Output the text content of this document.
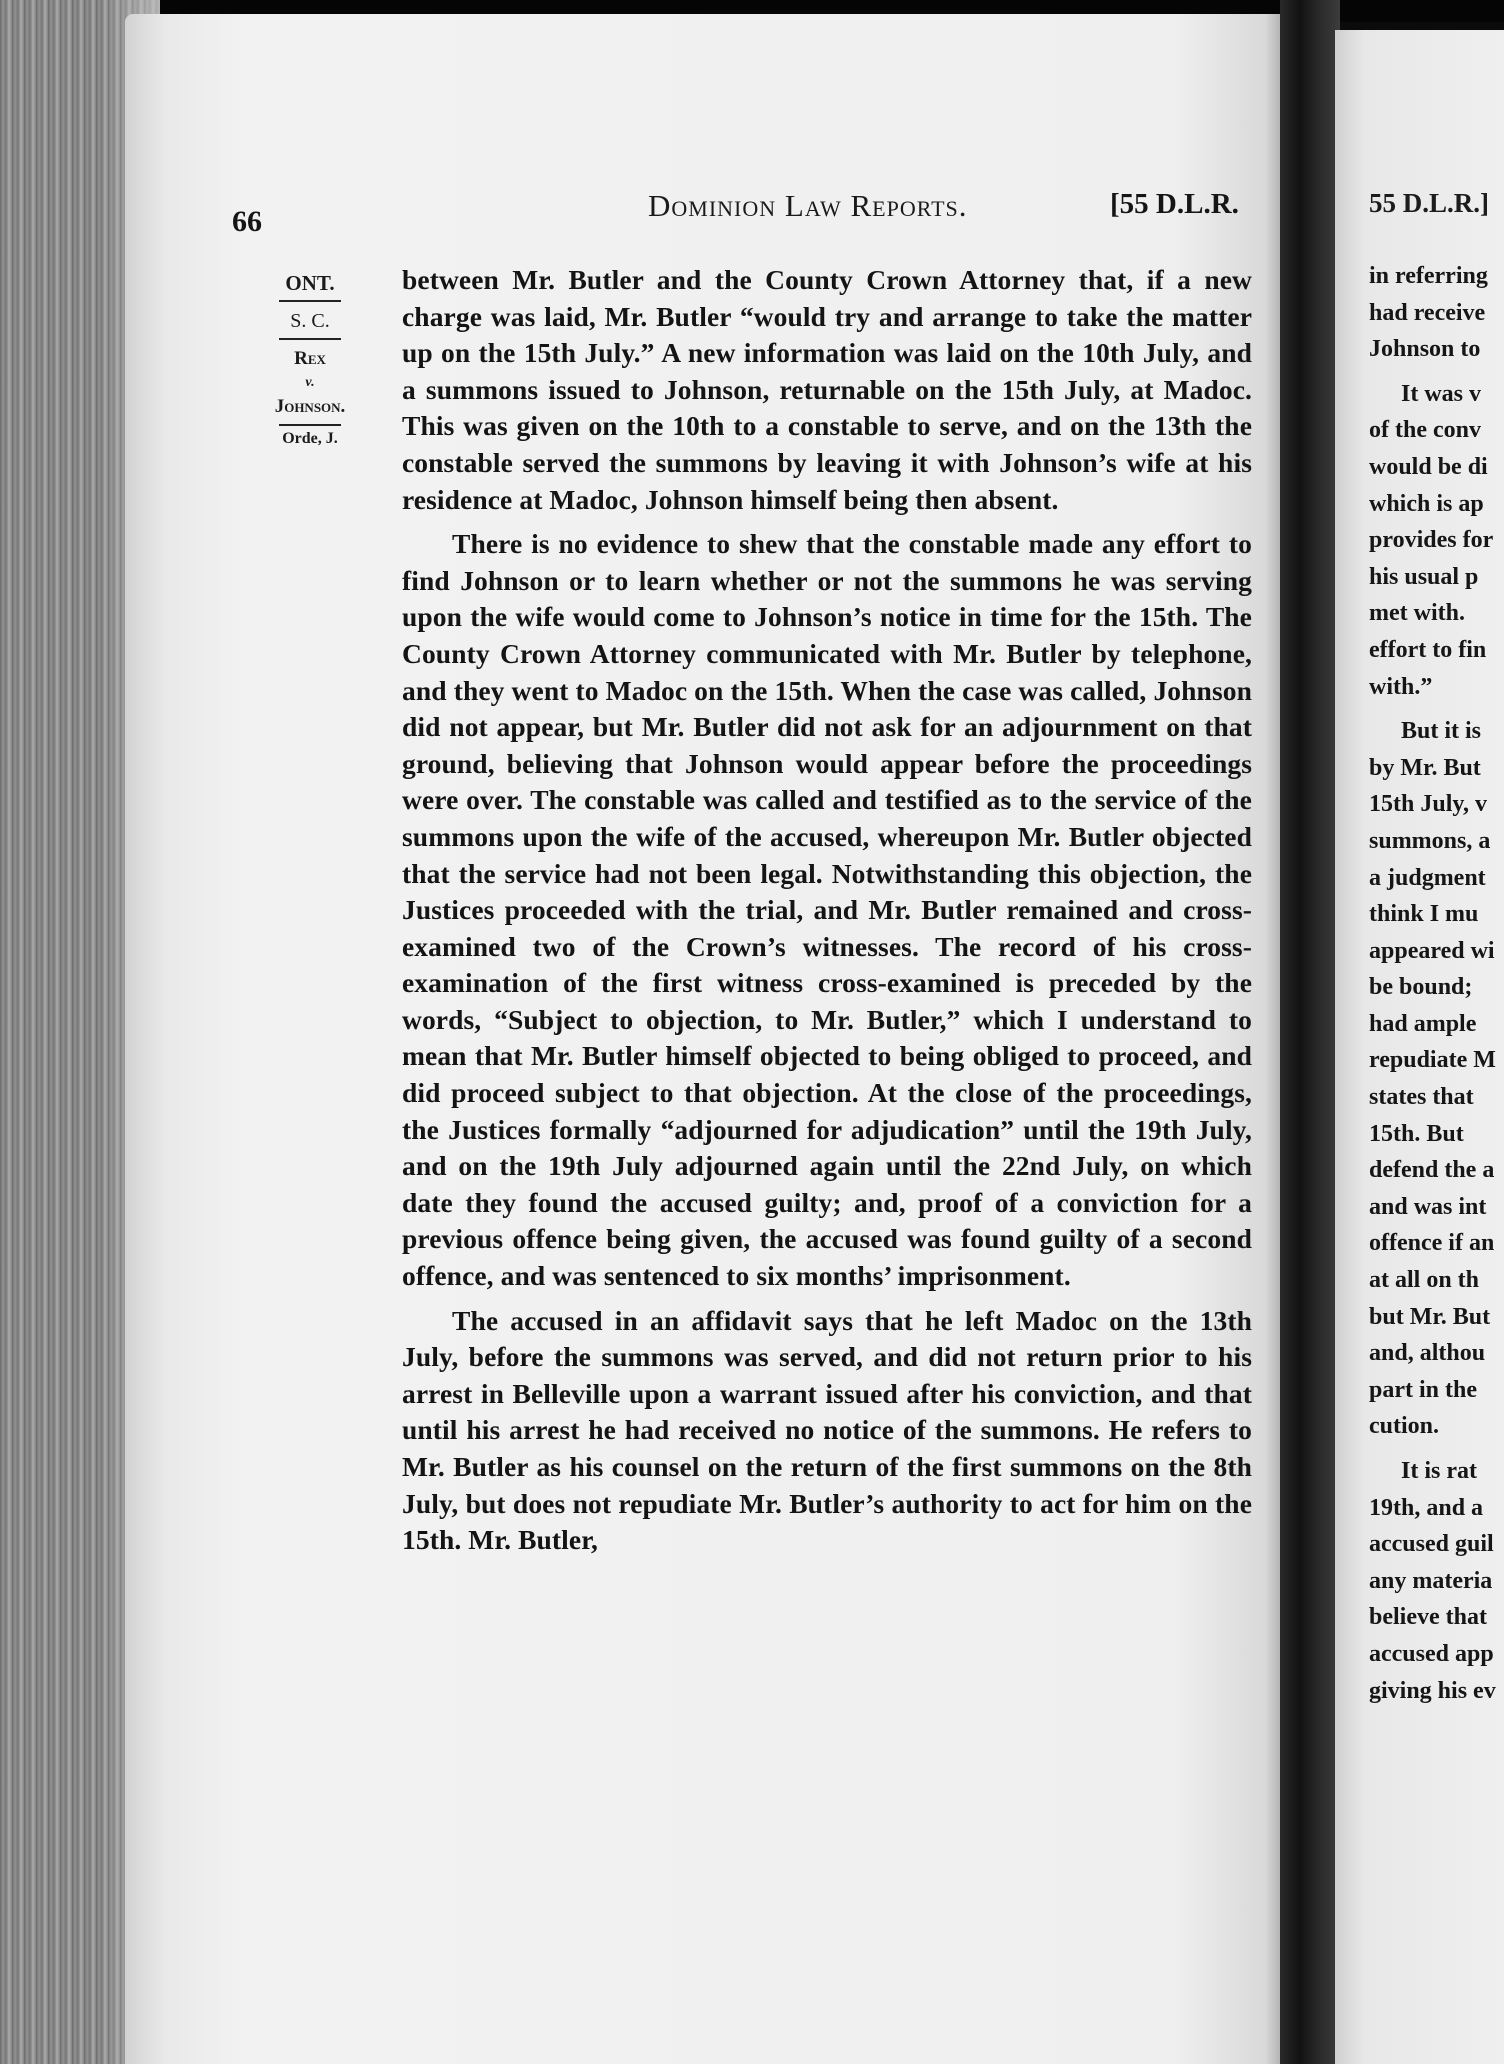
66	Dominion Law Reports.	[55 D.L.R.
ONT.
S. C.
Rex
v.
Johnson.
Orde, J.

between Mr. Butler and the County Crown Attorney that, if a new charge was laid, Mr. Butler “would try and arrange to take the matter up on the 15th July.” A new information was laid on the 10th July, and a summons issued to Johnson, returnable on the 15th July, at Madoc. This was given on the 10th to a constable to serve, and on the 13th the constable served the summons by leaving it with Johnson’s wife at his residence at Madoc, Johnson himself being then absent.

There is no evidence to shew that the constable made any effort to find Johnson or to learn whether or not the summons he was serving upon the wife would come to Johnson’s notice in time for the 15th. The County Crown Attorney communicated with Mr. Butler by telephone, and they went to Madoc on the 15th. When the case was called, Johnson did not appear, but Mr. Butler did not ask for an adjournment on that ground, believing that Johnson would appear before the proceedings were over. The constable was called and testified as to the service of the summons upon the wife of the accused, whereupon Mr. Butler objected that the service had not been legal. Notwithstanding this objection, the Justices proceeded with the trial, and Mr. Butler remained and cross-examined two of the Crown’s witnesses. The record of his cross-examination of the first witness cross-examined is preceded by the words, “Subject to objection, to Mr. Butler,” which I understand to mean that Mr. Butler himself objected to being obliged to proceed, and did proceed subject to that objection. At the close of the proceedings, the Justices formally “adjourned for adjudication” until the 19th July, and on the 19th July adjourned again until the 22nd July, on which date they found the accused guilty; and, proof of a conviction for a previous offence being given, the accused was found guilty of a second offence, and was sentenced to six months’ imprisonment.

The accused in an affidavit says that he left Madoc on the 13th July, before the summons was served, and did not return prior to his arrest in Belleville upon a warrant issued after his conviction, and that until his arrest he had received no notice of the summons. He refers to Mr. Butler as his counsel on the return of the first summons on the 8th July, but does not repudiate Mr. Butler’s authority to act for him on the 15th. Mr. Butler,

55 D.L.R.]
in referring
had receive
Johnson to
It was v
of the conv
would be di
which is ap
provides for
his usual p
met with.
effort to fin
with.”
But it is
by Mr. But
15th July, v
summons, a
a judgment
think I mu
appeared wi
be bound;
had ample
repudiate M
states that
15th. But
defend the a
and was int
offence if an
at all on th
but Mr. But
and, althou
part in the
cution.
It is rat
19th, and a
accused guil
any materia
believe that
accused app
giving his ev
